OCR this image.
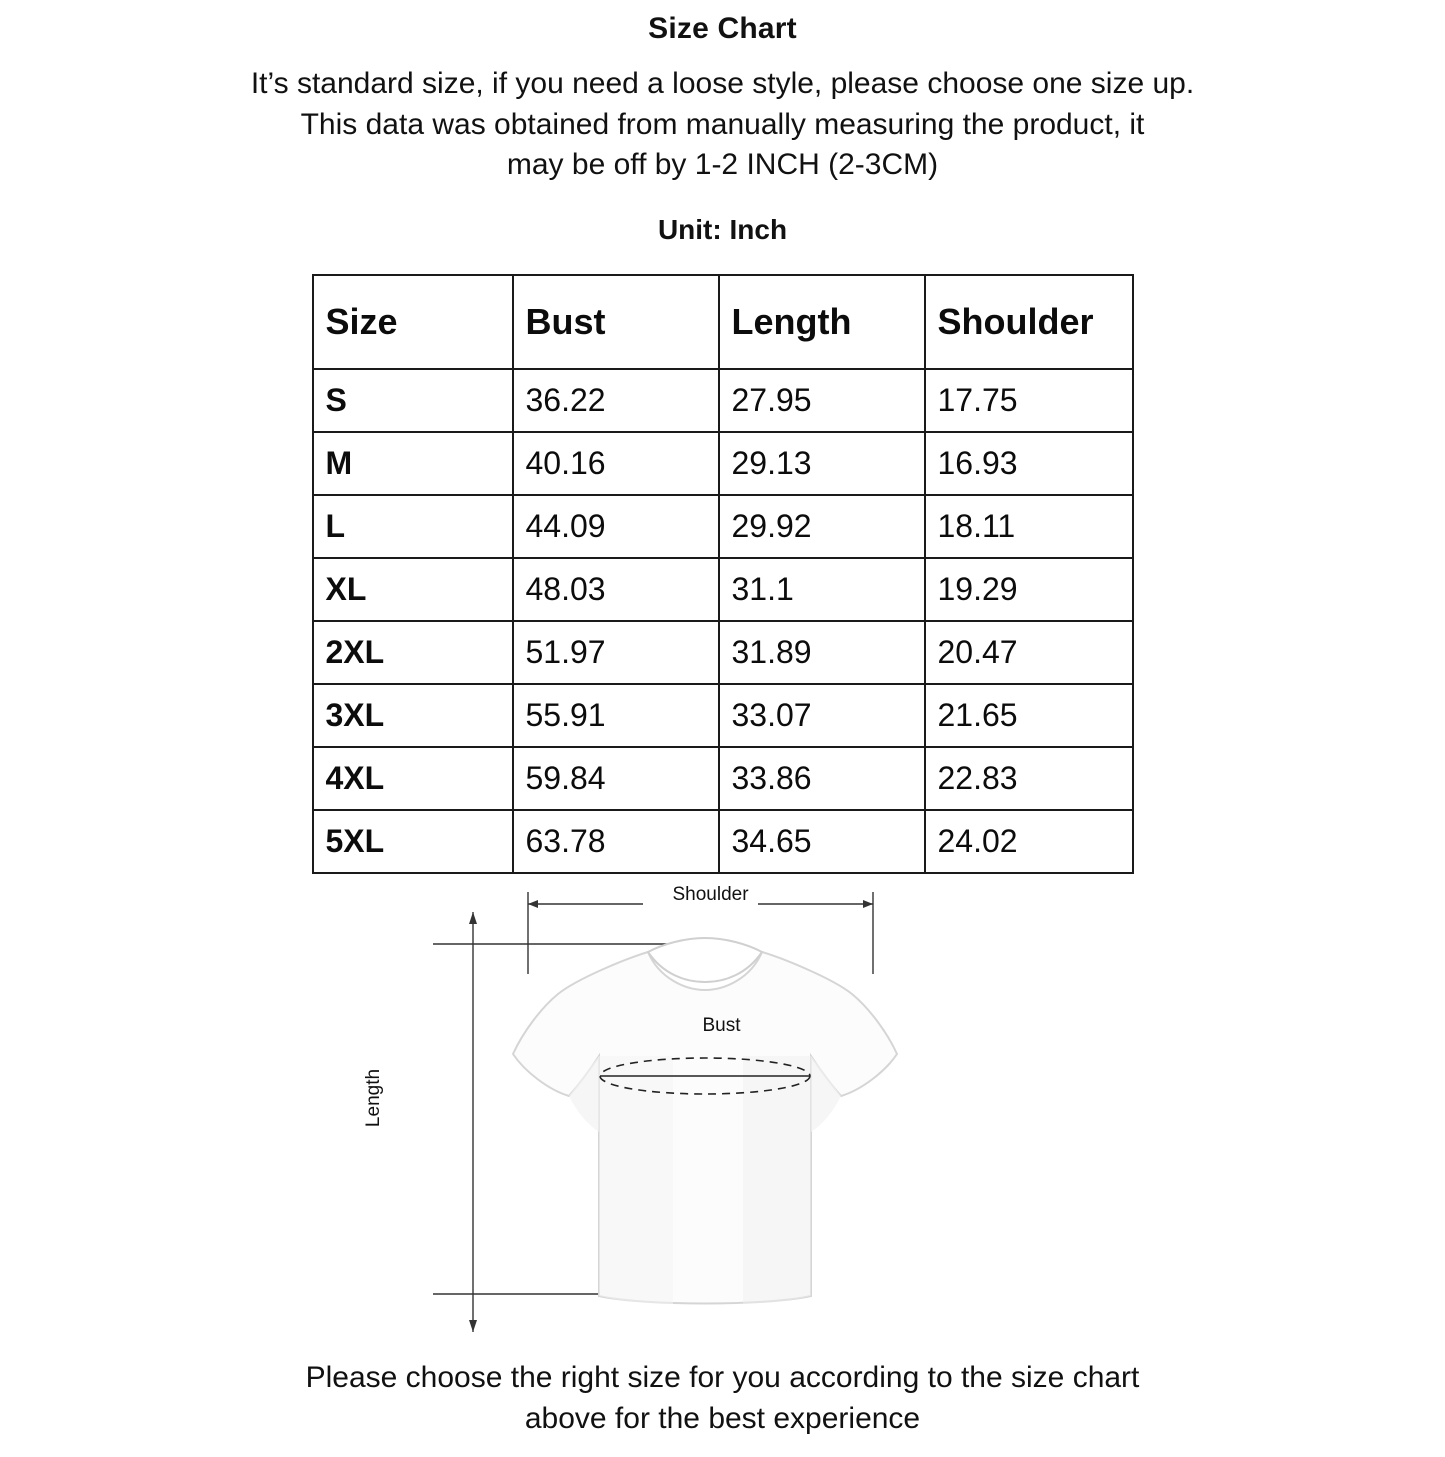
Size Chart
It’s standard size, if you need a loose style, please choose one size up.
This data was obtained from manually measuring the product, it
may be off by 1-2 INCH (2-3CM)
Unit: Inch
Size	Bust	Length	Shoulder
S	36.22	27.95	17.75
M	40.16	29.13	16.93
L	44.09	29.92	18.11
XL	48.03	31.1	19.29
2XL	51.97	31.89	20.47
3XL	55.91	33.07	21.65
4XL	59.84	33.86	22.83
5XL	63.78	34.65	24.02
Shoulder
Bust
Length
Please choose the right size for you according to the size chart
above for the best experience
